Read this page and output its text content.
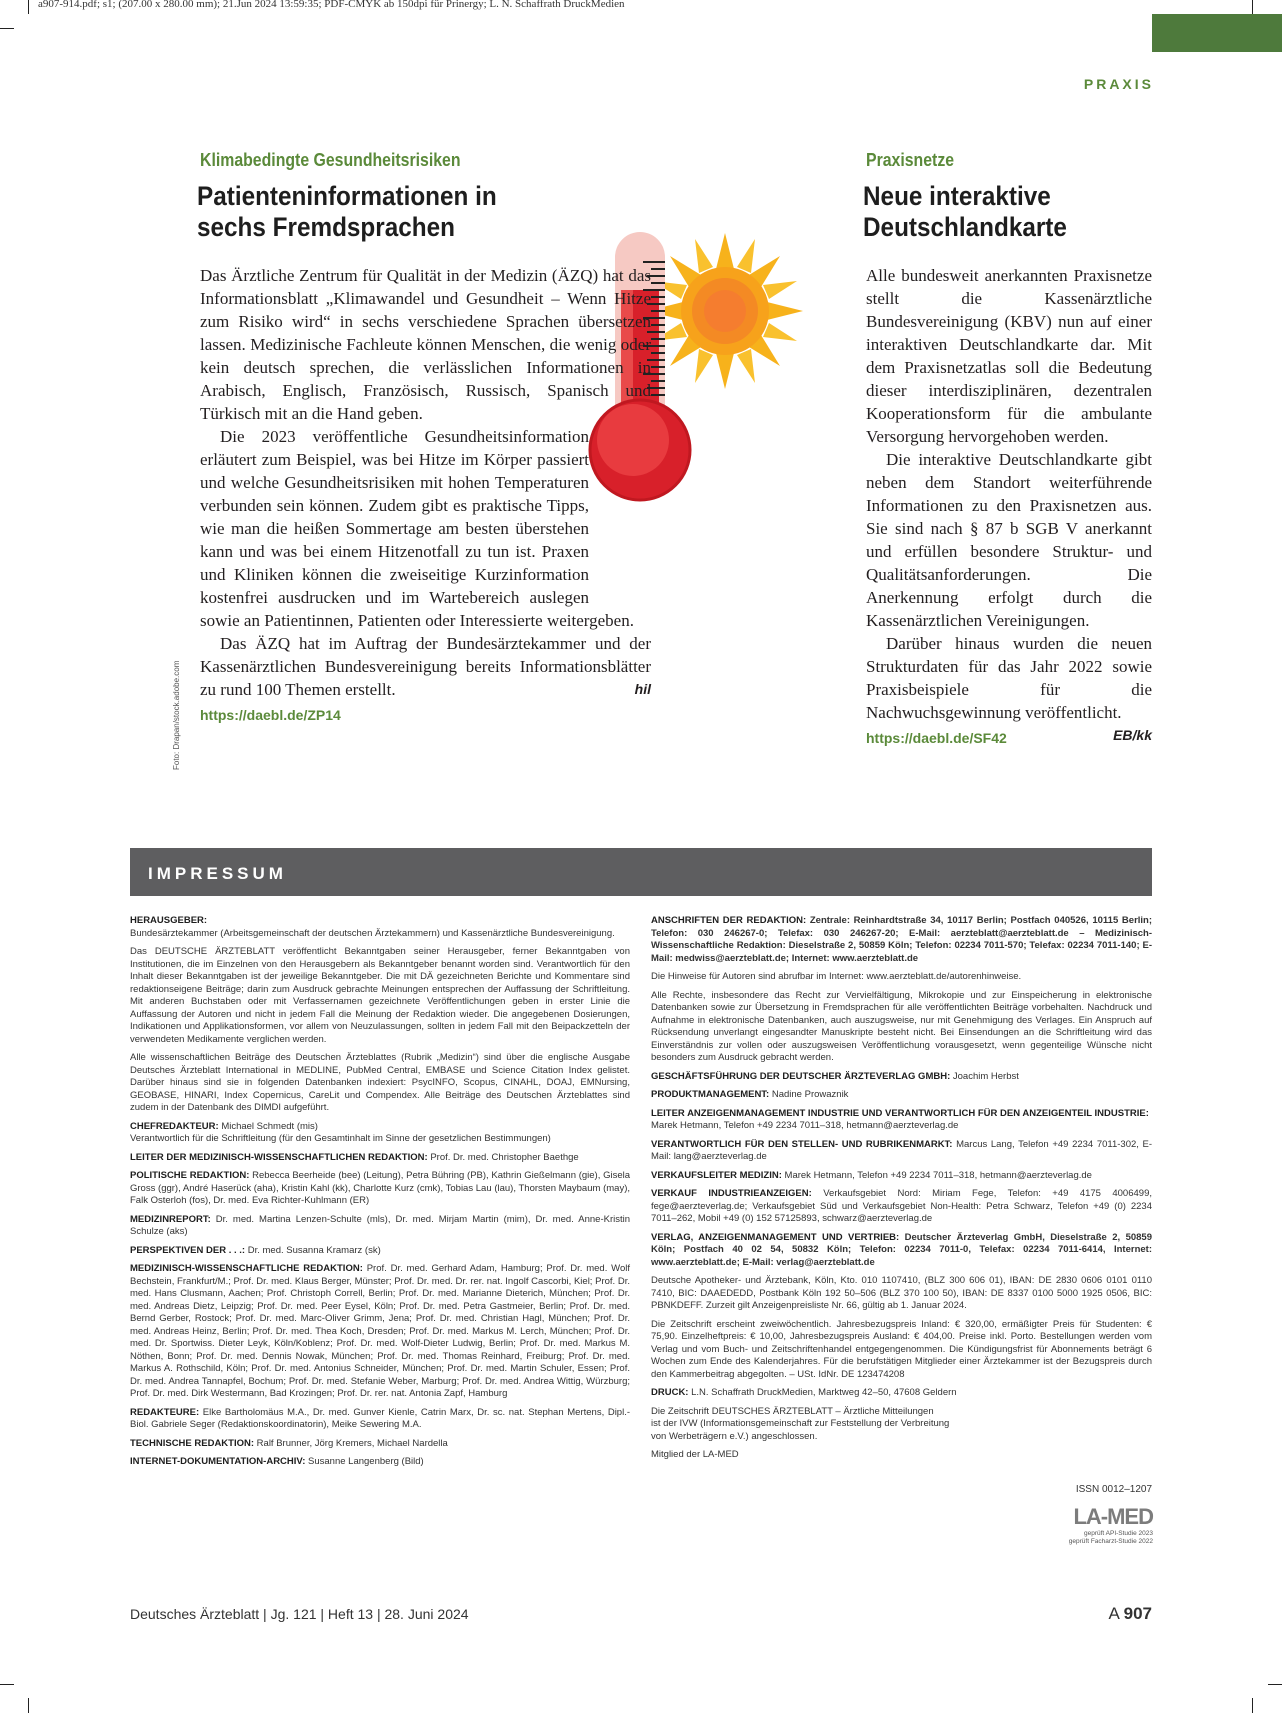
a907-914.pdf; s1; (207.00 x 280.00 mm); 21.Jun 2024 13:59:35; PDF-CMYK ab 150dpi für Prinergy; L. N. Schaffrath DruckMedien
PRAXIS
Klimabedingte Gesundheitsrisiken
Patienteninformationen in
sechs Fremdsprachen

Das Ärztliche Zentrum für Qualität in der Medizin (ÄZQ) hat das Informationsblatt „Klimawandel und Gesundheit – Wenn Hitze zum Risiko wird“ in sechs verschiedene Sprachen übersetzen lassen. Medizinische Fachleute können Menschen, die wenig oder kein deutsch sprechen, die verlässlichen Informationen in Arabisch, Englisch, Französisch, Russisch, Spanisch und Türkisch mit an die Hand geben.

Die 2023 veröffentliche Gesundheitsinformation erläutert zum Beispiel, was bei Hitze im Körper passiert und welche Gesundheitsrisiken mit hohen Temperaturen verbunden sein können. Zudem gibt es praktische Tipps, wie man die heißen Sommertage am besten überstehen kann und was bei einem Hitzenotfall zu tun ist. Praxen und Kliniken können die zweiseitige Kurzinformation kostenfrei ausdrucken und im Wartebereich auslegen sowie an Patientinnen, Patienten oder Interessierte weitergeben.

Das ÄZQ hat im Auftrag der Bundesärztekammer und der Kassenärztlichen Bundesvereinigung bereits Informationsblätter zu rund 100 Themen erstellt.	hil

https://daebl.de/ZP14
Foto: Drapan/stock.adobe.com
Praxisnetze
Neue interaktive
Deutschlandkarte

Alle bundesweit anerkannten Praxisnetze stellt die Kassenärztliche Bundesvereinigung (KBV) nun auf einer interaktiven Deutschlandkarte dar. Mit dem Praxisnetzatlas soll die Bedeutung dieser interdisziplinären, dezentralen Kooperationsform für die ambulante Versorgung hervorgehoben werden.

Die interaktive Deutschlandkarte gibt neben dem Standort weiterführende Informationen zu den Praxisnetzen aus. Sie sind nach § 87 b SGB V anerkannt und erfüllen besondere Struktur- und Qualitätsanforderungen. Die Anerkennung erfolgt durch die Kassenärztlichen Vereinigungen.

Darüber hinaus wurden die neuen Strukturdaten für das Jahr 2022 sowie Praxisbeispiele für die Nachwuchsgewinnung veröffentlicht.
EB/kk

https://daebl.de/SF42
IMPRESSUM

HERAUSGEBER:
Bundesärztekammer (Arbeitsgemeinschaft der deutschen Ärztekammern) und Kassenärztliche Bundesvereinigung.

Das DEUTSCHE ÄRZTEBLATT veröffentlicht Bekanntgaben seiner Herausgeber, ferner Bekanntgaben von Institutionen, die im Einzelnen von den Herausgebern als Bekanntgeber benannt worden sind. Verantwortlich für den Inhalt dieser Bekanntgaben ist der jeweilige Bekanntgeber. Die mit DÄ gezeichneten Berichte und Kommentare sind redaktionseigene Beiträge; darin zum Ausdruck gebrachte Meinungen entsprechen der Auffassung der Schriftleitung. Mit anderen Buchstaben oder mit Verfassernamen gezeichnete Veröffentlichungen geben in erster Linie die Auffassung der Autoren und nicht in jedem Fall die Meinung der Redaktion wieder. Die angegebenen Dosierungen, Indikationen und Applikationsformen, vor allem von Neuzulassungen, sollten in jedem Fall mit den Beipackzetteln der verwendeten Medikamente verglichen werden.

Alle wissenschaftlichen Beiträge des Deutschen Ärzteblattes (Rubrik „Medizin“) sind über die englische Ausgabe Deutsches Ärzteblatt International in MEDLINE, PubMed Central, EMBASE und Science Citation Index gelistet. Darüber hinaus sind sie in folgenden Datenbanken indexiert: PsycINFO, Scopus, CINAHL, DOAJ, EMNursing, GEOBASE, HINARI, Index Copernicus, CareLit und Compendex. Alle Beiträge des Deutschen Ärzteblattes sind zudem in der Datenbank des DIMDI aufgeführt.

CHEFREDAKTEUR: Michael Schmedt (mis)
Verantwortlich für die Schriftleitung (für den Gesamtinhalt im Sinne der gesetzlichen Bestimmungen)

LEITER DER MEDIZINISCH-WISSENSCHAFTLICHEN REDAKTION: Prof. Dr. med. Christopher Baethge

POLITISCHE REDAKTION: Rebecca Beerheide (bee) (Leitung), Petra Bühring (PB), Kathrin Gießelmann (gie), Gisela Gross (ggr), André Haserück (aha), Kristin Kahl (kk), Charlotte Kurz (cmk), Tobias Lau (lau), Thorsten Maybaum (may), Falk Osterloh (fos), Dr. med. Eva Richter-Kuhlmann (ER)

MEDIZINREPORT: Dr. med. Martina Lenzen-Schulte (mls), Dr. med. Mirjam Martin (mim), Dr. med. Anne-Kristin Schulze (aks)

PERSPEKTIVEN DER . . .: Dr. med. Susanna Kramarz (sk)

MEDIZINISCH-WISSENSCHAFTLICHE REDAKTION: Prof. Dr. med. Gerhard Adam, Hamburg; Prof. Dr. med. Wolf Bechstein, Frankfurt/M.; Prof. Dr. med. Klaus Berger, Münster; Prof. Dr. med. Dr. rer. nat. Ingolf Cascorbi, Kiel; Prof. Dr. med. Hans Clusmann, Aachen; Prof. Christoph Correll, Berlin; Prof. Dr. med. Marianne Dieterich, München; Prof. Dr. med. Andreas Dietz, Leipzig; Prof. Dr. med. Peer Eysel, Köln; Prof. Dr. med. Petra Gastmeier, Berlin; Prof. Dr. med. Bernd Gerber, Rostock; Prof. Dr. med. Marc-Oliver Grimm, Jena; Prof. Dr. med. Christian Hagl, München; Prof. Dr. med. Andreas Heinz, Berlin; Prof. Dr. med. Thea Koch, Dresden; Prof. Dr. med. Markus M. Lerch, München; Prof. Dr. med. Dr. Sportwiss. Dieter Leyk, Köln/Koblenz; Prof. Dr. med. Wolf-Dieter Ludwig, Berlin; Prof. Dr. med. Markus M. Nöthen, Bonn; Prof. Dr. med. Dennis Nowak, München; Prof. Dr. med. Thomas Reinhard, Freiburg; Prof. Dr. med. Markus A. Rothschild, Köln; Prof. Dr. med. Antonius Schneider, München; Prof. Dr. med. Martin Schuler, Essen; Prof. Dr. med. Andrea Tannapfel, Bochum; Prof. Dr. med. Stefanie Weber, Marburg; Prof. Dr. med. Andrea Wittig, Würzburg; Prof. Dr. med. Dirk Westermann, Bad Krozingen; Prof. Dr. rer. nat. Antonia Zapf, Hamburg

REDAKTEURE: Elke Bartholomäus M.A., Dr. med. Gunver Kienle, Catrin Marx, Dr. sc. nat. Stephan Mertens, Dipl.-Biol. Gabriele Seger (Redaktionskoordinatorin), Meike Sewering M.A.

TECHNISCHE REDAKTION: Ralf Brunner, Jörg Kremers, Michael Nardella

INTERNET-DOKUMENTATION-ARCHIV: Susanne Langenberg (Bild)

ANSCHRIFTEN DER REDAKTION: Zentrale: Reinhardtstraße 34, 10117 Berlin; Postfach 040526, 10115 Berlin; Telefon: 030 246267-0; Telefax: 030 246267-20; E-Mail: aerzteblatt@aerzteblatt.de – Medizinisch-Wissenschaftliche Redaktion: Dieselstraße 2, 50859 Köln; Telefon: 02234 7011-570; Telefax: 02234 7011-140; E-Mail: medwiss@aerzteblatt.de; Internet: www.aerzteblatt.de

Die Hinweise für Autoren sind abrufbar im Internet: www.aerzteblatt.de/autorenhinweise.

Alle Rechte, insbesondere das Recht zur Vervielfältigung, Mikrokopie und zur Einspeicherung in elektronische Datenbanken sowie zur Übersetzung in Fremdsprachen für alle veröffentlichten Beiträge vorbehalten. Nachdruck und Aufnahme in elektronische Datenbanken, auch auszugsweise, nur mit Genehmigung des Verlages. Ein Anspruch auf Rücksendung unverlangt eingesandter Manuskripte besteht nicht. Bei Einsendungen an die Schriftleitung wird das Einverständnis zur vollen oder auszugsweisen Veröffentlichung vorausgesetzt, wenn gegenteilige Wünsche nicht besonders zum Ausdruck gebracht werden.

GESCHÄFTSFÜHRUNG DER DEUTSCHER ÄRZTEVERLAG GMBH: Joachim Herbst

PRODUKTMANAGEMENT: Nadine Prowaznik

LEITER ANZEIGENMANAGEMENT INDUSTRIE UND VERANTWORTLICH FÜR DEN ANZEIGENTEIL INDUSTRIE:
Marek Hetmann, Telefon +49 2234 7011–318, hetmann@aerzteverlag.de

VERANTWORTLICH FÜR DEN STELLEN- UND RUBRIKENMARKT: Marcus Lang, Telefon +49 2234 7011-302, E-Mail: lang@aerzteverlag.de

VERKAUFSLEITER MEDIZIN: Marek Hetmann, Telefon +49 2234 7011–318, hetmann@aerzteverlag.de

VERKAUF INDUSTRIEANZEIGEN: Verkaufsgebiet Nord: Miriam Fege, Telefon: +49 4175 4006499, fege@aerzteverlag.de; Verkaufsgebiet Süd und Verkaufsgebiet Non-Health: Petra Schwarz, Telefon +49 (0) 2234 7011–262, Mobil +49 (0) 152 57125893, schwarz@aerzteverlag.de

VERLAG, ANZEIGENMANAGEMENT UND VERTRIEB: Deutscher Ärzteverlag GmbH, Dieselstraße 2, 50859 Köln; Postfach 40 02 54, 50832 Köln; Telefon: 02234 7011-0, Telefax: 02234 7011-6414, Internet: www.aerzteblatt.de; E-Mail: verlag@aerzteblatt.de

Deutsche Apotheker- und Ärztebank, Köln, Kto. 010 1107410, (BLZ 300 606 01), IBAN: DE 2830 0606 0101 0110 7410, BIC: DAAEDEDD, Postbank Köln 192 50–506 (BLZ 370 100 50), IBAN: DE 8337 0100 5000 1925 0506, BIC: PBNKDEFF. Zurzeit gilt Anzeigenpreisliste Nr. 66, gültig ab 1. Januar 2024.

Die Zeitschrift erscheint zweiwöchentlich. Jahresbezugspreis Inland: € 320,00, ermäßigter Preis für Studenten: € 75,90. Einzelheftpreis: € 10,00, Jahresbezugspreis Ausland: € 404,00. Preise inkl. Porto. Bestellungen werden vom Verlag und vom Buch- und Zeitschriftenhandel entgegengenommen. Die Kündigungsfrist für Abonnements beträgt 6 Wochen zum Ende des Kalenderjahres. Für die berufstätigen Mitglieder einer Ärztekammer ist der Bezugspreis durch den Kammerbeitrag abgegolten. – USt. IdNr. DE 123474208

DRUCK: L.N. Schaffrath DruckMedien, Marktweg 42–50, 47608 Geldern

Die Zeitschrift DEUTSCHES ÄRZTEBLATT – Ärztliche Mitteilungen
ist der IVW (Informationsgemeinschaft zur Feststellung der Verbreitung
von Werbeträgern e.V.) angeschlossen.

Mitglied der LA-MED

ISSN 0012–1207
LA-MED
geprüft API-Studie 2023
geprüft Facharzt-Studie 2022
Deutsches Ärzteblatt | Jg. 121 | Heft 13 | 28. Juni 2024	A 907
